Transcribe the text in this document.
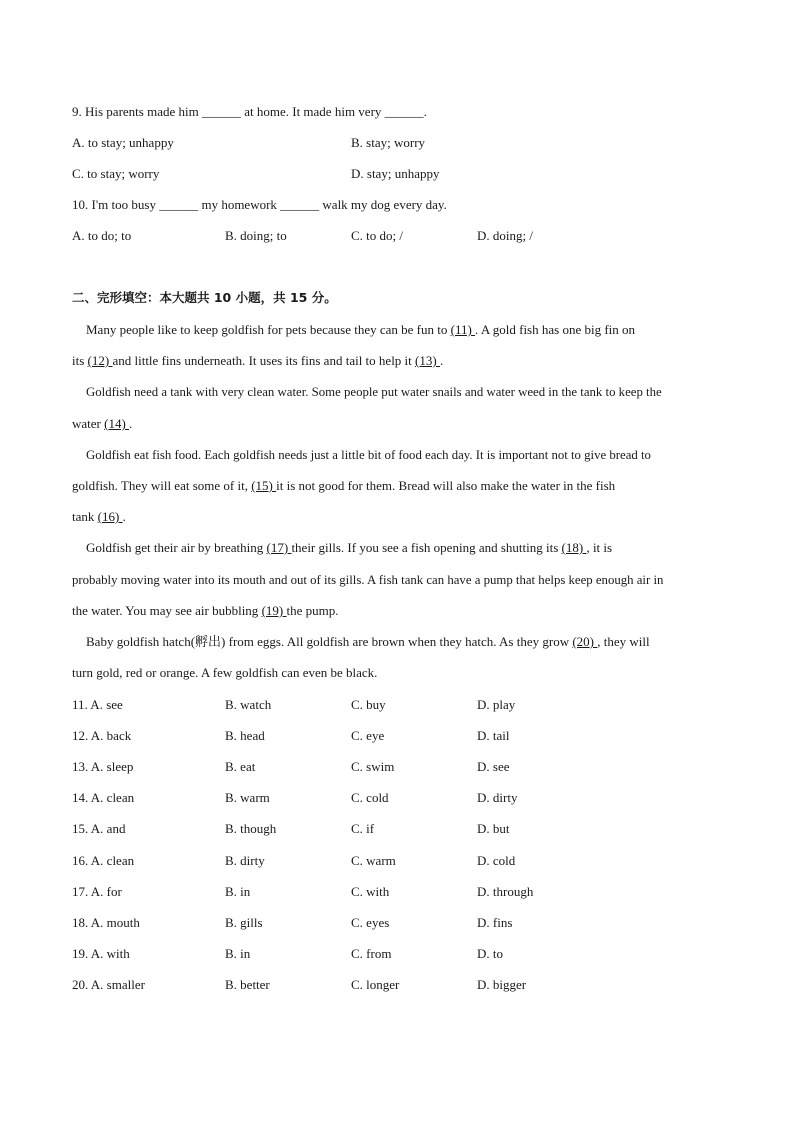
9. His parents made him ______ at home. It made him very ______.
A. to stay; unhappy	B. stay; worry
C. to stay; worry	D. stay; unhappy
10. I'm too busy ______ my homework ______ walk my dog every day.
A. to do; to	B. doing; to	C. to do; /	D. doing; /
二、完形填空：本大题共 10 小题，共 15 分。
Many people like to keep goldfish for pets because they can be fun to (11) . A gold fish has one big fin on
its (12) and little fins underneath. It uses its fins and tail to help it (13) .
Goldfish need a tank with very clean water. Some people put water snails and water weed in the tank to keep the
water (14) .
Goldfish eat fish food. Each goldfish needs just a little bit of food each day. It is important not to give bread to
goldfish. They will eat some of it, (15) it is not good for them. Bread will also make the water in the fish
tank (16) .
Goldfish get their air by breathing (17) their gills. If you see a fish opening and shutting its (18) , it is
probably moving water into its mouth and out of its gills. A fish tank can have a pump that helps keep enough air in
the water. You may see air bubbling (19) the pump.
Baby goldfish hatch(孵出) from eggs. All goldfish are brown when they hatch. As they grow (20) , they will
turn gold, red or orange. A few goldfish can even be black.
11. A. see	B. watch	C. buy	D. play
12. A. back	B. head	C. eye	D. tail
13. A. sleep	B. eat	C. swim	D. see
14. A. clean	B. warm	C. cold	D. dirty
15. A. and	B. though	C. if	D. but
16. A. clean	B. dirty	C. warm	D. cold
17. A. for	B. in	C. with	D. through
18. A. mouth	B. gills	C. eyes	D. fins
19. A. with	B. in	C. from	D. to
20. A. smaller	B. better	C. longer	D. bigger
